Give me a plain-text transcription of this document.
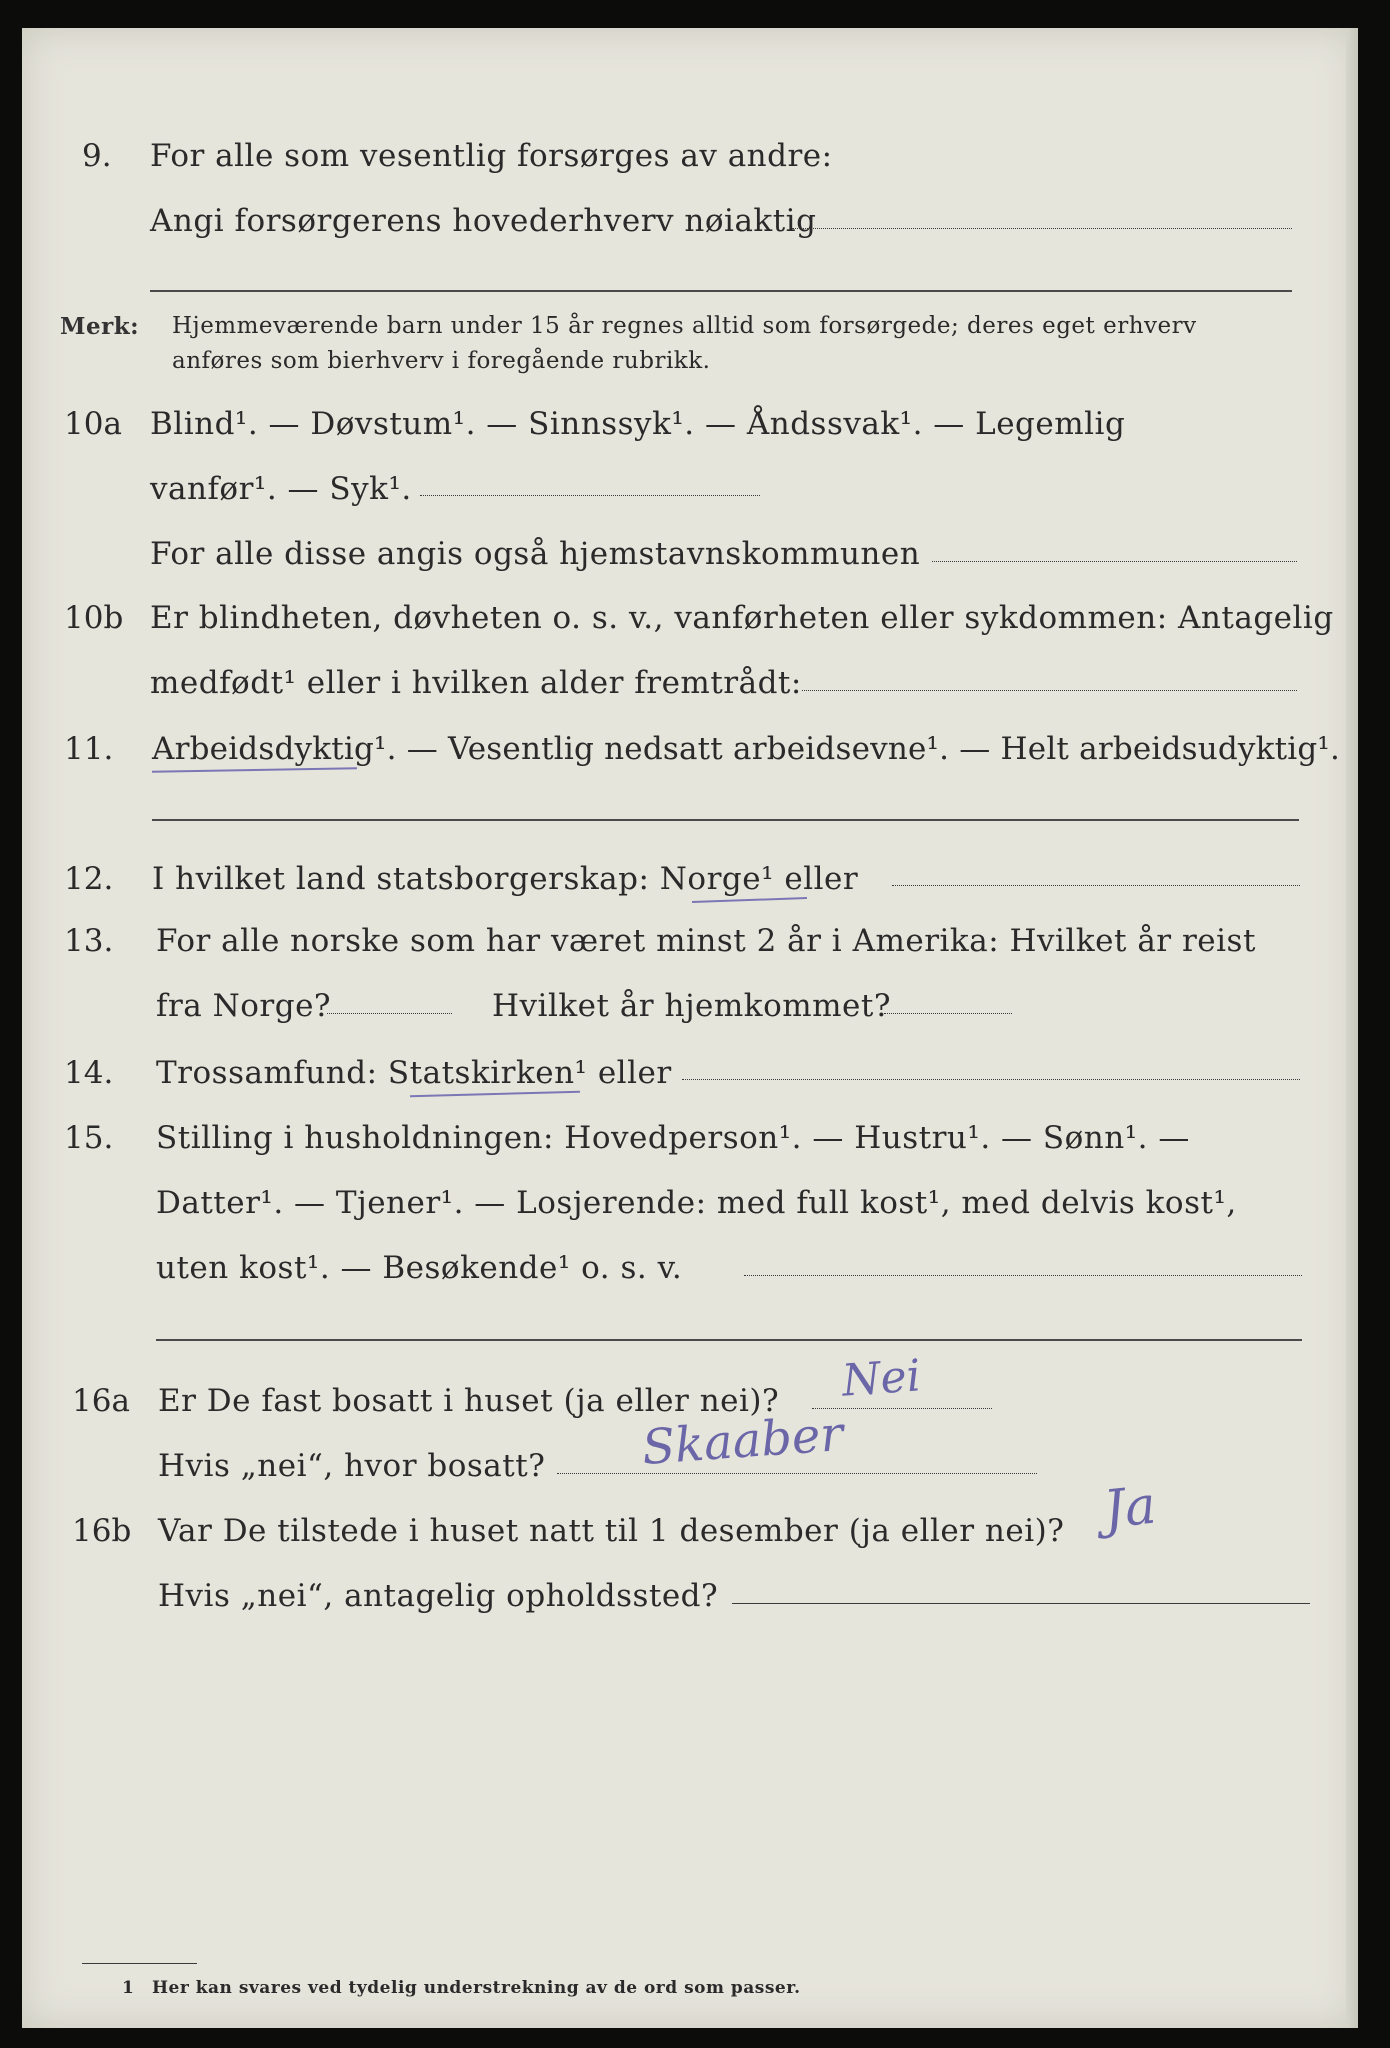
9. For alle som vesentlig forsørges av andre:
Angi forsørgerens hovederhverv nøiaktig
Merk: Hjemmeværende barn under 15 år regnes alltid som forsørgede; deres eget erhverv
anføres som bierhverv i foregående rubrikk.
10a Blind¹. — Døvstum¹. — Sinnssyk¹. — Åndssvak¹. — Legemlig
vanfør¹. — Syk¹.
For alle disse angis også hjemstavnskommunen
10b Er blindheten, døvheten o. s. v., vanførheten eller sykdommen: Antagelig
medfødt¹ eller i hvilken alder fremtrådt:
11. Arbeidsdyktig¹. — Vesentlig nedsatt arbeidsevne¹. — Helt arbeidsudyktig¹.
12. I hvilket land statsborgerskap: Norge¹ eller
13. For alle norske som har været minst 2 år i Amerika: Hvilket år reist
fra Norge?	Hvilket år hjemkommet?
14. Trossamfund: Statskirken¹ eller
15. Stilling i husholdningen: Hovedperson¹. — Hustru¹. — Sønn¹. —
Datter¹. — Tjener¹. — Losjerende: med full kost¹, med delvis kost¹,
uten kost¹. — Besøkende¹ o. s. v.
16a Er De fast bosatt i huset (ja eller nei)? Nei
Hvis „nei“, hvor bosatt? Skaaber
16b Var De tilstede i huset natt til 1 desember (ja eller nei)? Ja
Hvis „nei“, antagelig opholdssted?
1 Her kan svares ved tydelig understrekning av de ord som passer.
